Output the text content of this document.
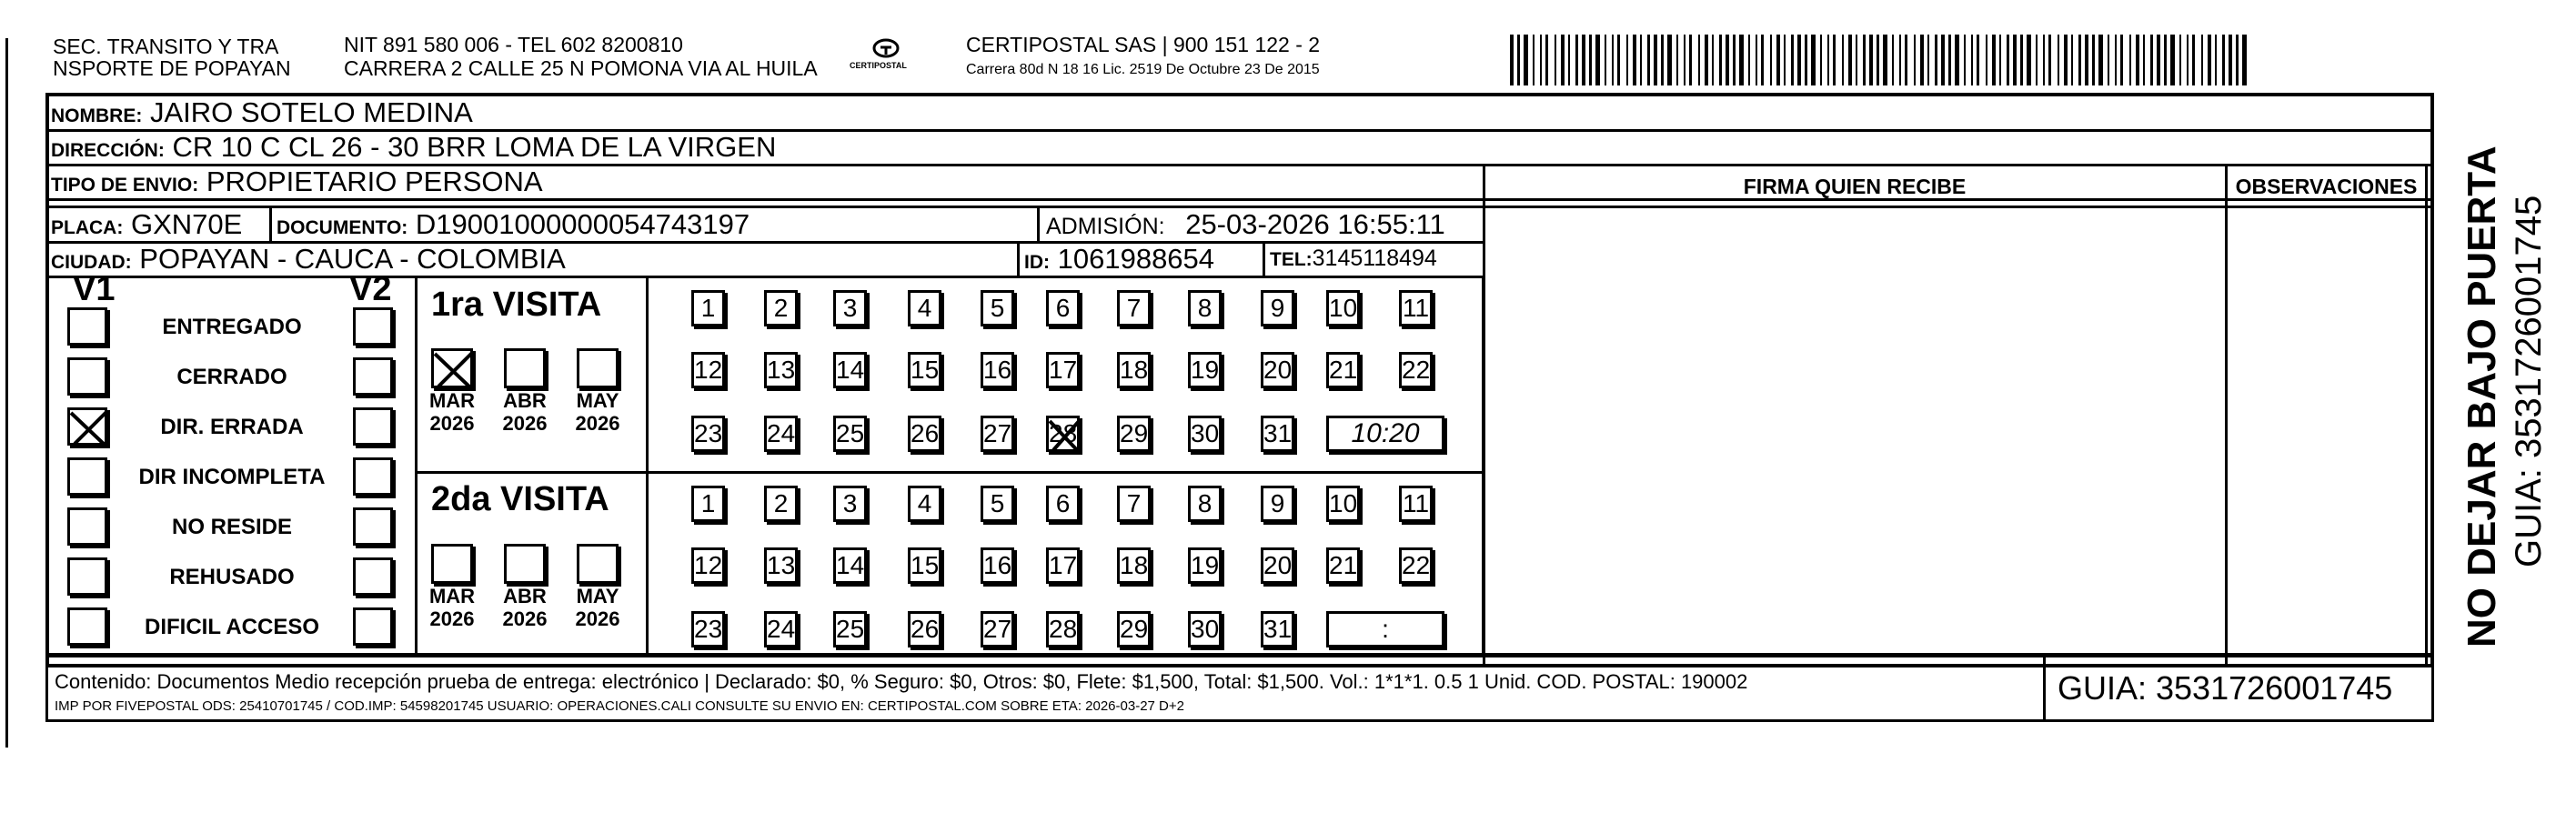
SEC. TRANSITO Y TRA
NSPORTE DE POPAYAN
NIT 891 580 006 - TEL 602 8200810
CARRERA 2 CALLE 25 N POMONA VIA AL HUILA	CERTIPOSTAL
CERTIPOSTAL SAS | 900 151 122 - 2
Carrera 80d N 18 16 Lic. 2519 De Octubre 23 De 2015
NOMBRE: JAIRO SOTELO MEDINA
DIRECCIÓN: CR 10 C CL 26 - 30 BRR LOMA DE LA VIRGEN
TIPO DE ENVIO: PROPIETARIO PERSONA
PLACA: GXN70E DOCUMENTO: D19001000000054743197	ADMISIÓN: 25-03-2026 16:55:11
CIUDAD: POPAYAN - CAUCA - COLOMBIA	ID: 1061988654	TEL:3145118494
FIRMA QUIEN RECIBE	OBSERVACIONES
V1	V2
ENTREGADO
CERRADO
DIR. ERRADA
DIR INCOMPLETA
NO RESIDE
REHUSADO
DIFICIL ACCESO
1ra VISITA
MAR
2026
ABR
2026
MAY
2026
1	2	3	4	5	6	7	8	9	10 11
12 13 14 15 16 17 18 19 20 21 22
23 24 25 26 27 28 29 30 31	10:20
2da VISITA
MAR
2026
ABR
2026
MAY
2026
1	2	3	4	5	6	7	8	9	10 11
12 13 14 15 16 17 18 19 20 21 22
23 24 25 26 27 28 29 30 31	:
Contenido: Documentos Medio recepción prueba de entrega: electrónico | Declarado: $0, % Seguro: $0, Otros: $0, Flete: $1,500, Total: $1,500. Vol.: 1*1*1. 0.5 1 Unid. COD. POSTAL: 190002
IMP POR FIVEPOSTAL ODS: 25410701745 / COD.IMP: 54598201745 USUARIO: OPERACIONES.CALI CONSULTE SU ENVIO EN: CERTIPOSTAL.COM SOBRE ETA: 2026-03-27 D+2	GUIA: 3531726001745
NO DEJAR BAJO PUERTA GUIA: 3531726001745
